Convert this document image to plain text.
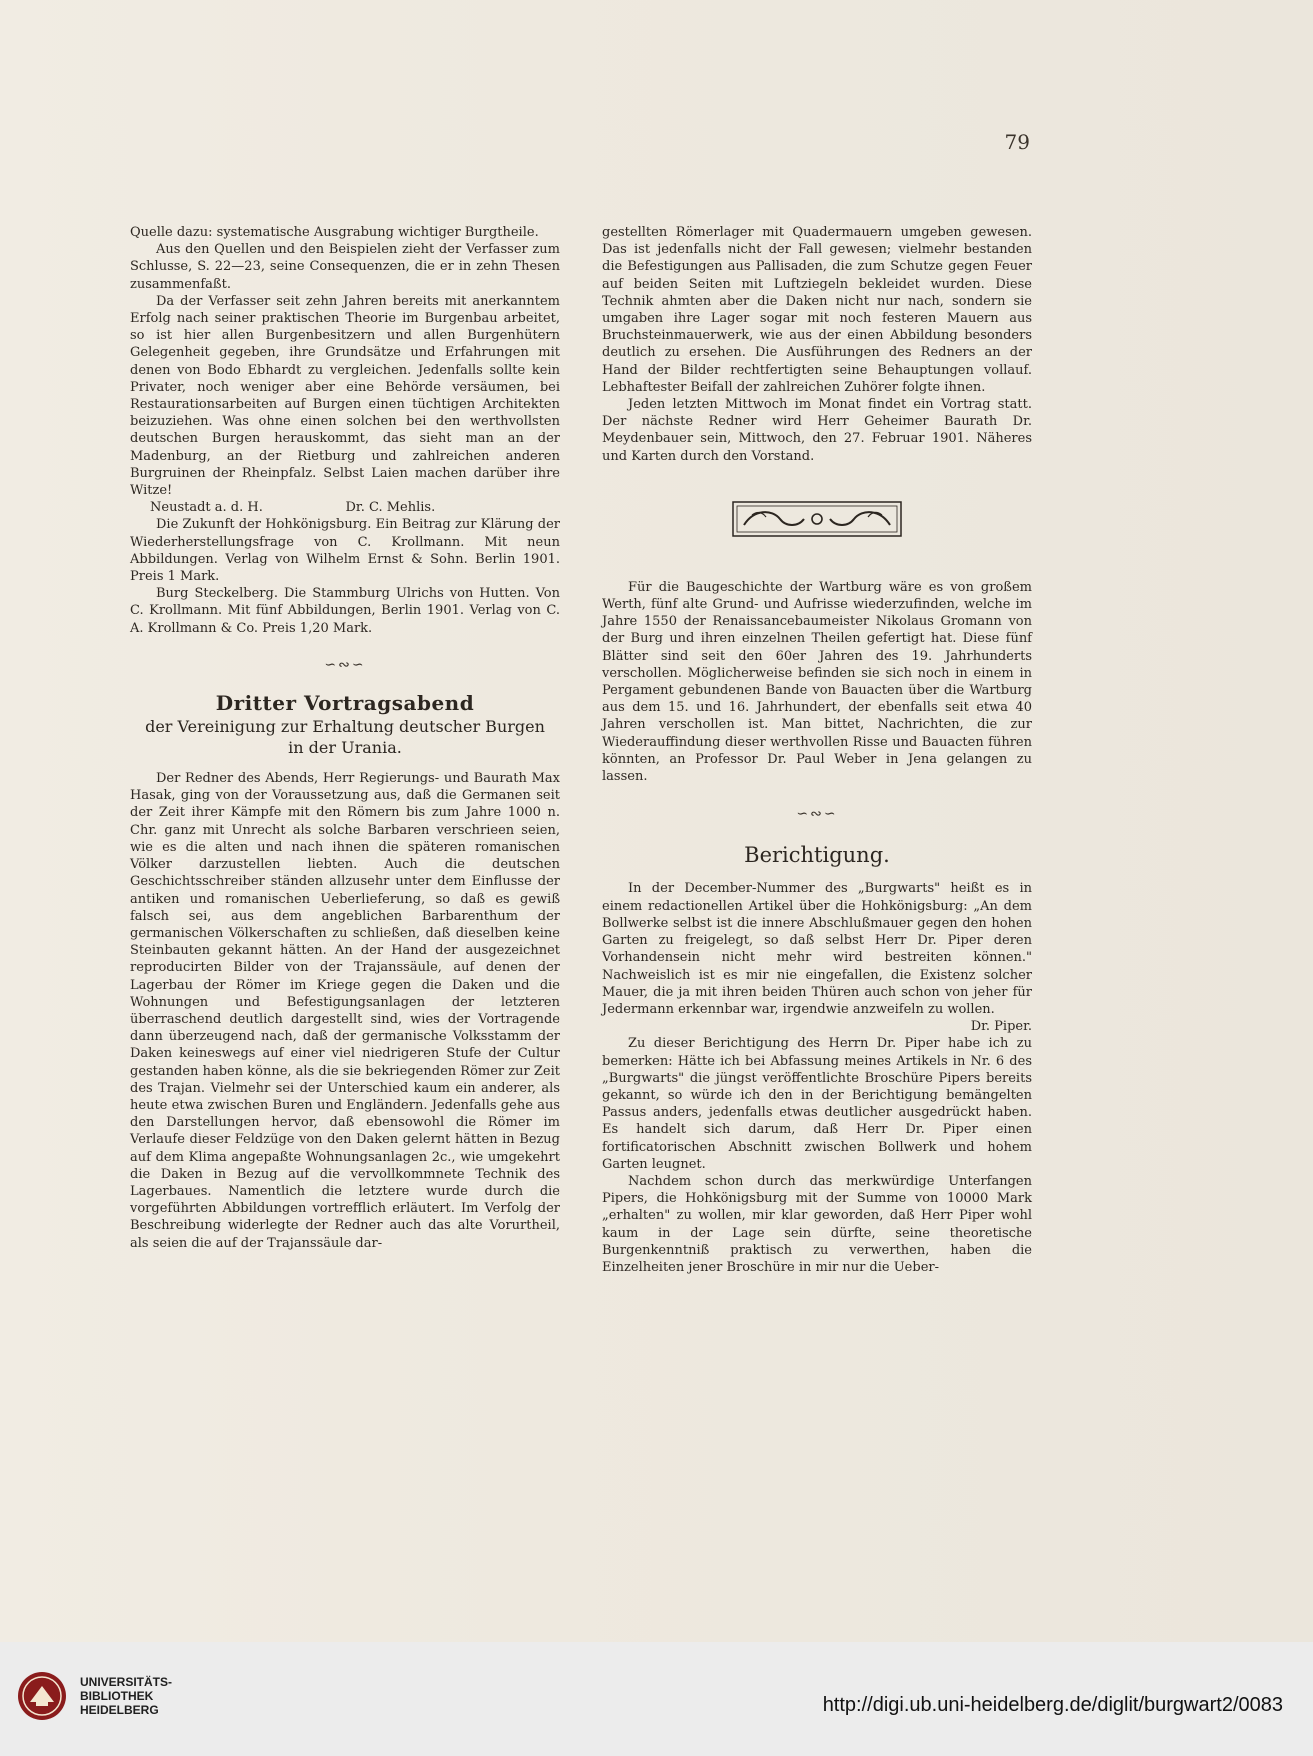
79

Quelle dazu: systematische Ausgrabung wichtiger Burgtheile.

Aus den Quellen und den Beispielen zieht der Verfasser zum Schlusse, S. 22—23, seine Consequenzen, die er in zehn Thesen zusammenfaßt.

Da der Verfasser seit zehn Jahren bereits mit anerkanntem Erfolg nach seiner praktischen Theorie im Burgenbau arbeitet, so ist hier allen Burgenbesitzern und allen Burgenhütern Gelegenheit gegeben, ihre Grundsätze und Erfahrungen mit denen von Bodo Ebhardt zu vergleichen. Jedenfalls sollte kein Privater, noch weniger aber eine Behörde versäumen, bei Restaurationsarbeiten auf Burgen einen tüchtigen Architekten beizuziehen. Was ohne einen solchen bei den werthvollsten deutschen Burgen herauskommt, das sieht man an der Madenburg, an der Rietburg und zahlreichen anderen Burgruinen der Rheinpfalz. Selbst Laien machen darüber ihre Witze!

Neustadt a. d. H.                    Dr. C. Mehlis.

Die Zukunft der Hohkönigsburg. Ein Beitrag zur Klärung der Wiederherstellungsfrage von C. Krollmann. Mit neun Abbildungen. Verlag von Wilhelm Ernst & Sohn. Berlin 1901. Preis 1 Mark.

Burg Steckelberg. Die Stammburg Ulrichs von Hutten. Von C. Krollmann. Mit fünf Abbildungen, Berlin 1901. Verlag von C. A. Krollmann & Co. Preis 1,20 Mark.

∽∾∽
Dritter Vortragsabend
der Vereinigung zur Erhaltung deutscher Burgen
in der Urania.

Der Redner des Abends, Herr Regierungs- und Baurath Max Hasak, ging von der Voraussetzung aus, daß die Germanen seit der Zeit ihrer Kämpfe mit den Römern bis zum Jahre 1000 n. Chr. ganz mit Unrecht als solche Barbaren verschrieen seien, wie es die alten und nach ihnen die späteren romanischen Völker darzustellen liebten. Auch die deutschen Geschichtsschreiber ständen allzusehr unter dem Einflusse der antiken und romanischen Ueberlieferung, so daß es gewiß falsch sei, aus dem angeblichen Barbarenthum der germanischen Völkerschaften zu schließen, daß dieselben keine Steinbauten gekannt hätten. An der Hand der ausgezeichnet reproducirten Bilder von der Trajanssäule, auf denen der Lagerbau der Römer im Kriege gegen die Daken und die Wohnungen und Befestigungsanlagen der letzteren überraschend deutlich dargestellt sind, wies der Vortragende dann überzeugend nach, daß der germanische Volksstamm der Daken keineswegs auf einer viel niedrigeren Stufe der Cultur gestanden haben könne, als die sie bekriegenden Römer zur Zeit des Trajan. Vielmehr sei der Unterschied kaum ein anderer, als heute etwa zwischen Buren und Engländern. Jedenfalls gehe aus den Darstellungen hervor, daß ebensowohl die Römer im Verlaufe dieser Feldzüge von den Daken gelernt hätten in Bezug auf dem Klima angepaßte Wohnungsanlagen 2c., wie umgekehrt die Daken in Bezug auf die vervollkommnete Technik des Lagerbaues. Namentlich die letztere wurde durch die vorgeführten Abbildungen vortrefflich erläutert. Im Verfolg der Beschreibung widerlegte der Redner auch das alte Vorurtheil, als seien die auf der Trajanssäule dar-

gestellten Römerlager mit Quadermauern umgeben gewesen. Das ist jedenfalls nicht der Fall gewesen; vielmehr bestanden die Befestigungen aus Pallisaden, die zum Schutze gegen Feuer auf beiden Seiten mit Luftziegeln bekleidet wurden. Diese Technik ahmten aber die Daken nicht nur nach, sondern sie umgaben ihre Lager sogar mit noch festeren Mauern aus Bruchsteinmauerwerk, wie aus der einen Abbildung besonders deutlich zu ersehen. Die Ausführungen des Redners an der Hand der Bilder rechtfertigten seine Behauptungen vollauf. Lebhaftester Beifall der zahlreichen Zuhörer folgte ihnen.

Jeden letzten Mittwoch im Monat findet ein Vortrag statt. Der nächste Redner wird Herr Geheimer Baurath Dr. Meydenbauer sein, Mittwoch, den 27. Februar 1901. Näheres und Karten durch den Vorstand.

Für die Baugeschichte der Wartburg wäre es von großem Werth, fünf alte Grund- und Aufrisse wiederzufinden, welche im Jahre 1550 der Renaissancebaumeister Nikolaus Gromann von der Burg und ihren einzelnen Theilen gefertigt hat. Diese fünf Blätter sind seit den 60er Jahren des 19. Jahrhunderts verschollen. Möglicherweise befinden sie sich noch in einem in Pergament gebundenen Bande von Bauacten über die Wartburg aus dem 15. und 16. Jahrhundert, der ebenfalls seit etwa 40 Jahren verschollen ist. Man bittet, Nachrichten, die zur Wiederauffindung dieser werthvollen Risse und Bauacten führen könnten, an Professor Dr. Paul Weber in Jena gelangen zu lassen.

∽∾∽
Berichtigung.

In der December-Nummer des „Burgwarts" heißt es in einem redactionellen Artikel über die Hohkönigsburg: „An dem Bollwerke selbst ist die innere Abschlußmauer gegen den hohen Garten zu freigelegt, so daß selbst Herr Dr. Piper deren Vorhandensein nicht mehr wird bestreiten können." Nachweislich ist es mir nie eingefallen, die Existenz solcher Mauer, die ja mit ihren beiden Thüren auch schon von jeher für Jedermann erkennbar war, irgendwie anzweifeln zu wollen.

Dr. Piper.

Zu dieser Berichtigung des Herrn Dr. Piper habe ich zu bemerken: Hätte ich bei Abfassung meines Artikels in Nr. 6 des „Burgwarts" die jüngst veröffentlichte Broschüre Pipers bereits gekannt, so würde ich den in der Berichtigung bemängelten Passus anders, jedenfalls etwas deutlicher ausgedrückt haben. Es handelt sich darum, daß Herr Dr. Piper einen fortificatorischen Abschnitt zwischen Bollwerk und hohem Garten leugnet.

Nachdem schon durch das merkwürdige Unterfangen Pipers, die Hohkönigsburg mit der Summe von 10000 Mark „erhalten" zu wollen, mir klar geworden, daß Herr Piper wohl kaum in der Lage sein dürfte, seine theoretische Burgenkenntniß praktisch zu verwerthen, haben die Einzelheiten jener Broschüre in mir nur die Ueber-

UNIVERSITÄTS-
BIBLIOTHEK
HEIDELBERG	http://digi.ub.uni-heidelberg.de/diglit/burgwart2/0083
